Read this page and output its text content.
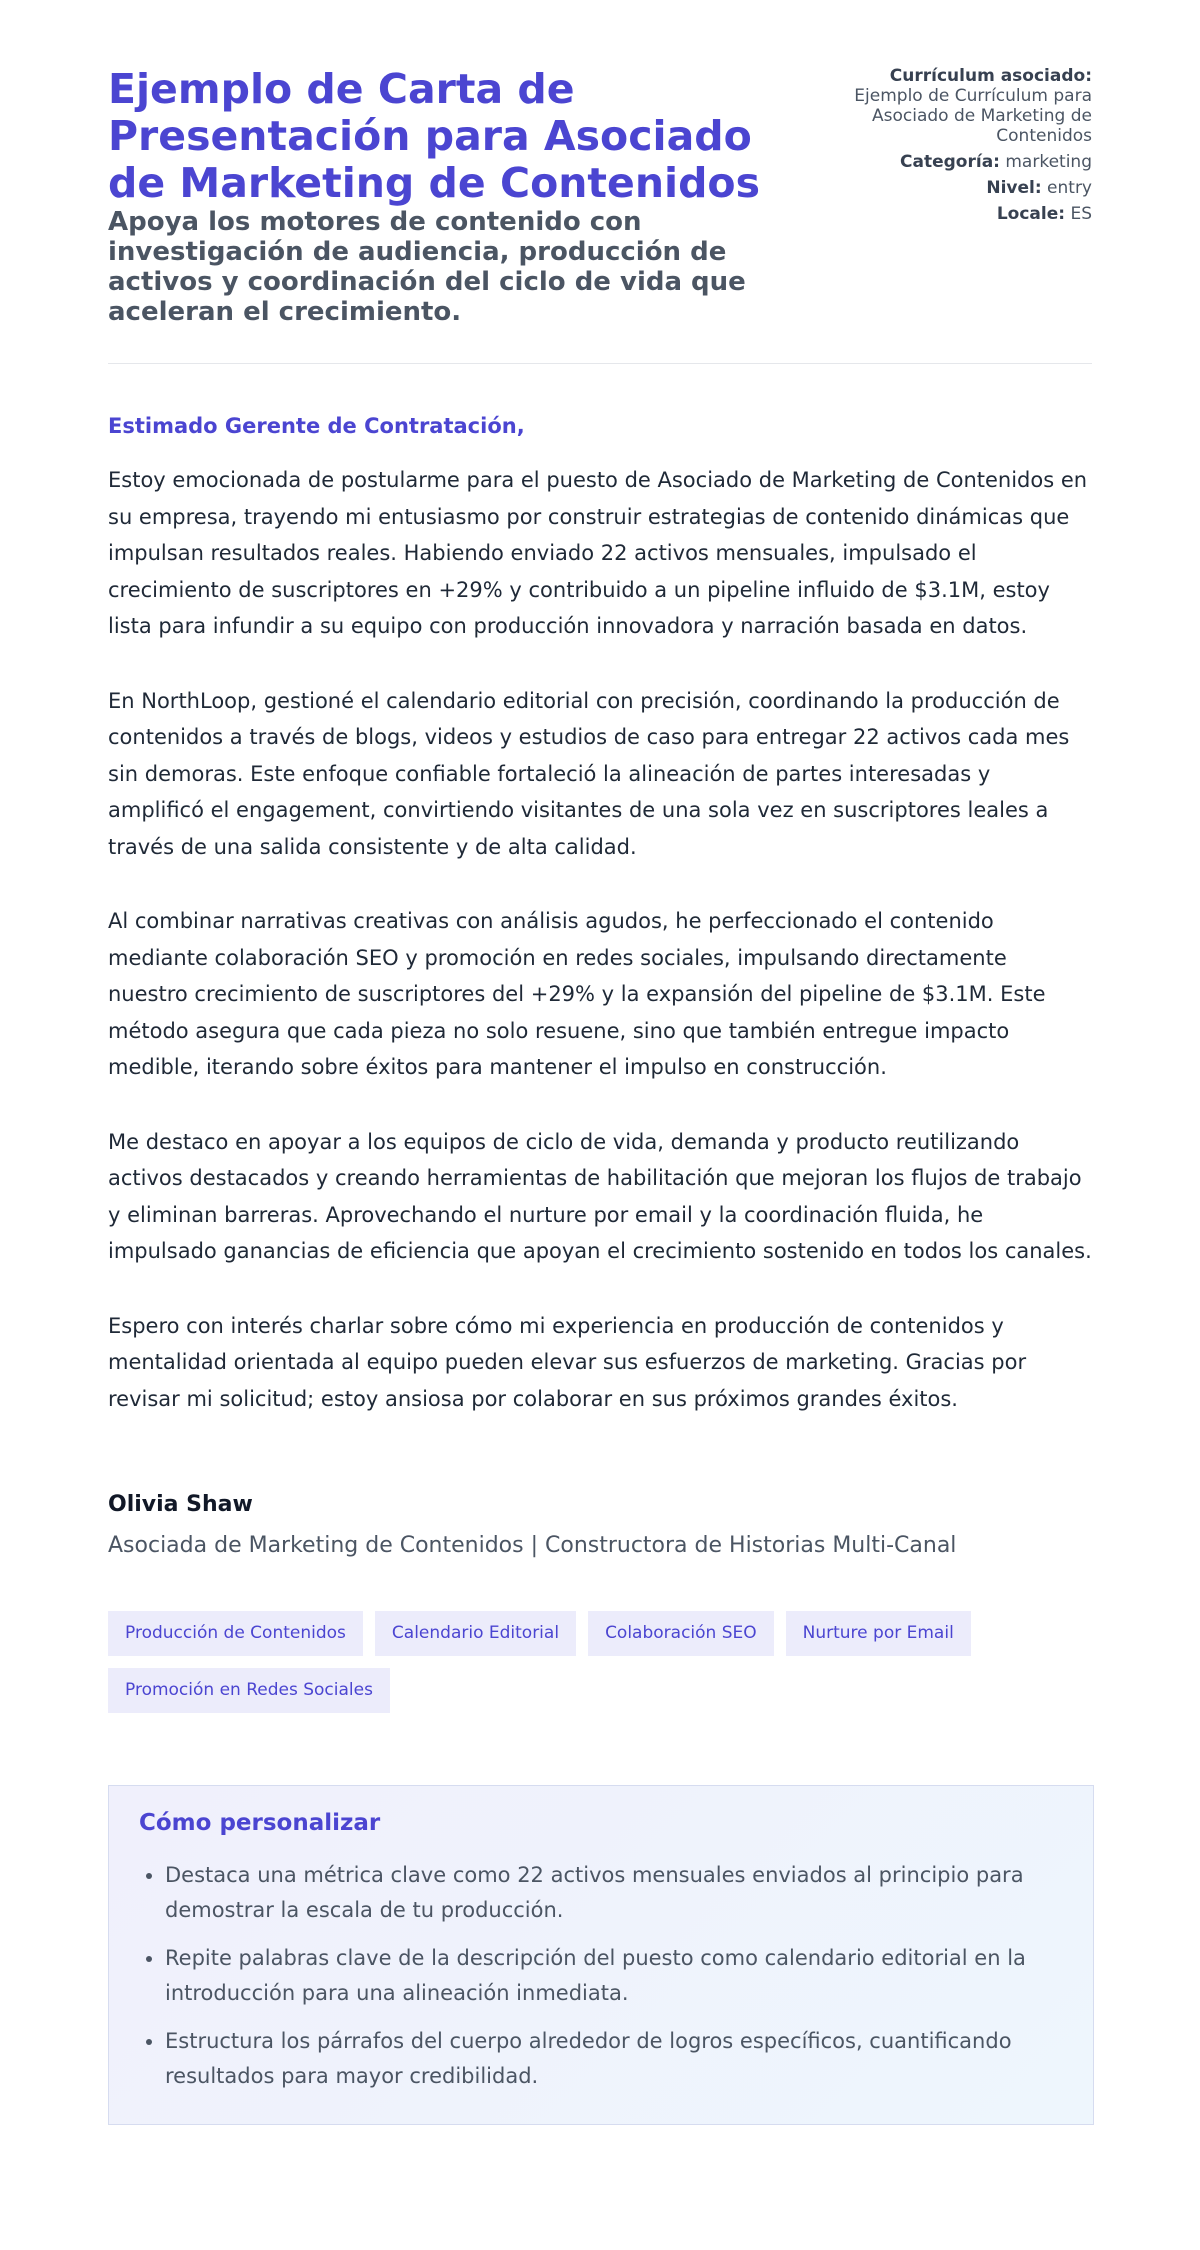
Ejemplo de Carta de Presentación para Asociado de Marketing de Contenidos

Apoya los motores de contenido con investigación de audiencia, producción de activos y coordinación del ciclo de vida que aceleran el crecimiento.

Currículum asociado:

Ejemplo de Currículum para Asociado de Marketing de Contenidos

Categoría: marketing

Nivel: entry

Locale: ES

Estimado Gerente de Contratación,

Estoy emocionada de postularme para el puesto de Asociado de Marketing de Contenidos en su empresa, trayendo mi entusiasmo por construir estrategias de contenido dinámicas que impulsan resultados reales. Habiendo enviado 22 activos mensuales, impulsado el crecimiento de suscriptores en +29% y contribuido a un pipeline influido de $3.1M, estoy lista para infundir a su equipo con producción innovadora y narración basada en datos.

En NorthLoop, gestioné el calendario editorial con precisión, coordinando la producción de contenidos a través de blogs, videos y estudios de caso para entregar 22 activos cada mes sin demoras. Este enfoque confiable fortaleció la alineación de partes interesadas y amplificó el engagement, convirtiendo visitantes de una sola vez en suscriptores leales a través de una salida consistente y de alta calidad.

Al combinar narrativas creativas con análisis agudos, he perfeccionado el contenido mediante colaboración SEO y promoción en redes sociales, impulsando directamente nuestro crecimiento de suscriptores del +29% y la expansión del pipeline de $3.1M. Este método asegura que cada pieza no solo resuene, sino que también entregue impacto medible, iterando sobre éxitos para mantener el impulso en construcción.

Me destaco en apoyar a los equipos de ciclo de vida, demanda y producto reutilizando activos destacados y creando herramientas de habilitación que mejoran los flujos de trabajo y eliminan barreras. Aprovechando el nurture por email y la coordinación fluida, he impulsado ganancias de eficiencia que apoyan el crecimiento sostenido en todos los canales.

Espero con interés charlar sobre cómo mi experiencia en producción de contenidos y mentalidad orientada al equipo pueden elevar sus esfuerzos de marketing. Gracias por revisar mi solicitud; estoy ansiosa por colaborar en sus próximos grandes éxitos.

Olivia Shaw

Asociada de Marketing de Contenidos | Constructora de Historias Multi-Canal

Producción de Contenidos	Calendario Editorial	Colaboración SEO	Nurture por Email
Promoción en Redes Sociales
Cómo personalizar
• Destaca una métrica clave como 22 activos mensuales enviados al principio para demostrar la escala de tu producción.
• Repite palabras clave de la descripción del puesto como calendario editorial en la introducción para una alineación inmediata.
• Estructura los párrafos del cuerpo alrededor de logros específicos, cuantificando resultados para mayor credibilidad.
